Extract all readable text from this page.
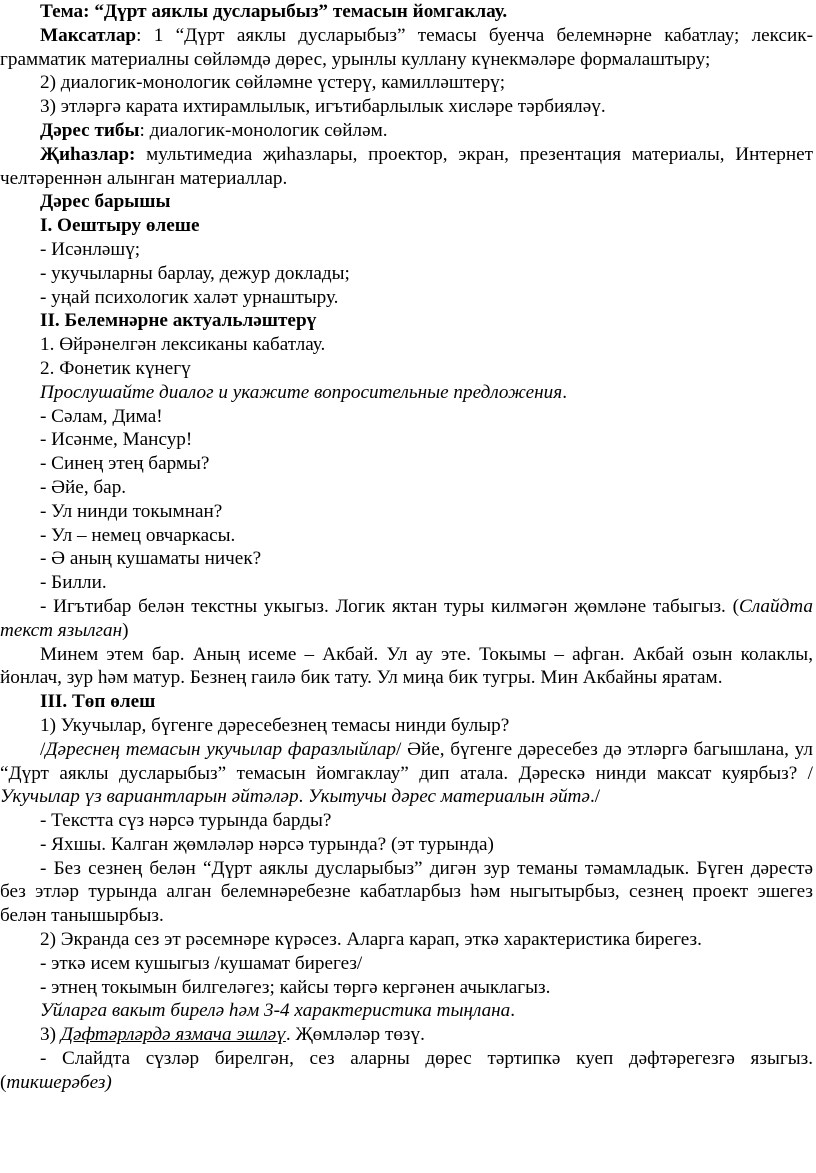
Тема: “Дүрт аяклы дусларыбыз” темасын йомгаклау.

Максатлар: 1 “Дүрт аяклы дусларыбыз” темасы буенча белемнәрне кабатлау; лексик-грамматик материалны сөйләмдә дөрес, урынлы куллану күнекмәләре формалаштыру;

2) диалогик-монологик сөйләмне үстерү, камилләштерү;

3) этләргә карата ихтирамлылык, игътибарлылык хисләре тәрбияләү.

Дәрес тибы: диалогик-монологик сөйләм.

Җиһазлар: мультимедиа җиһазлары, проектор, экран, презентация материалы, Интернет челтәреннән алынган материаллар.

Дәрес барышы

I. Оештыру өлеше

- Исәнләшү;

- укучыларны барлау, дежур доклады;

- уңай психологик халәт урнаштыру.

II. Белемнәрне актуальләштерү

1. Өйрәнелгән лексиканы кабатлау.

2. Фонетик күнегү

Прослушайте диалог и укажите вопросительные предложения.

- Сәлам, Дима!

- Исәнме, Мансур!

- Синең этең бармы?

- Әйе, бар.

- Ул нинди токымнан?

- Ул – немец овчаркасы.

- Ә аның кушаматы ничек?

- Билли.

- Игътибар белән текстны укыгыз. Логик яктан туры килмәгән җөмләне табыгыз. (Слайдта текст язылган)

Минем этем бар. Аның исеме – Акбай. Ул ау эте. Токымы – афган. Акбай озын колаклы, йонлач, зур һәм матур. Безнең гаилә бик тату. Ул миңа бик тугры. Мин Акбайны яратам.

III. Төп өлеш

1) Укучылар, бүгенге дәресебезнең темасы нинди булыр?

/Дәреснең темасын укучылар фаразлыйлар/ Әйе, бүгенге дәресебез дә этләргә багышлана, ул “Дүрт аяклы дусларыбыз” темасын йомгаклау” дип атала. Дәрескә нинди максат куярбыз? /Укучылар үз вариантларын әйтәләр. Укытучы дәрес материалын әйтә./

- Текстта сүз нәрсә турында барды?

- Яхшы. Калган җөмләләр нәрсә турында? (эт турында)

- Без сезнең белән “Дүрт аяклы дусларыбыз” дигән зур теманы тәмамладык. Бүген дәрестә без этләр турында алган белемнәребезне кабатларбыз һәм ныгытырбыз, сезнең проект эшегез белән танышырбыз.

2) Экранда сез эт рәсемнәре күрәсез. Аларга карап, эткә характеристика бирегез.

- эткә исем кушыгыз /кушамат бирегез/

- этнең токымын билгеләгез; кайсы төргә кергәнен ачыклагыз.

Уйларга вакыт бирелә һәм 3-4 характеристика тыңлана.

3) Дәфтәрләрдә язмача эшләү. Җөмләләр төзү.

- Слайдта сүзләр бирелгән, сез аларны дөрес тәртипкә куеп дәфтәрегезгә языгыз. (тикшерәбез)
